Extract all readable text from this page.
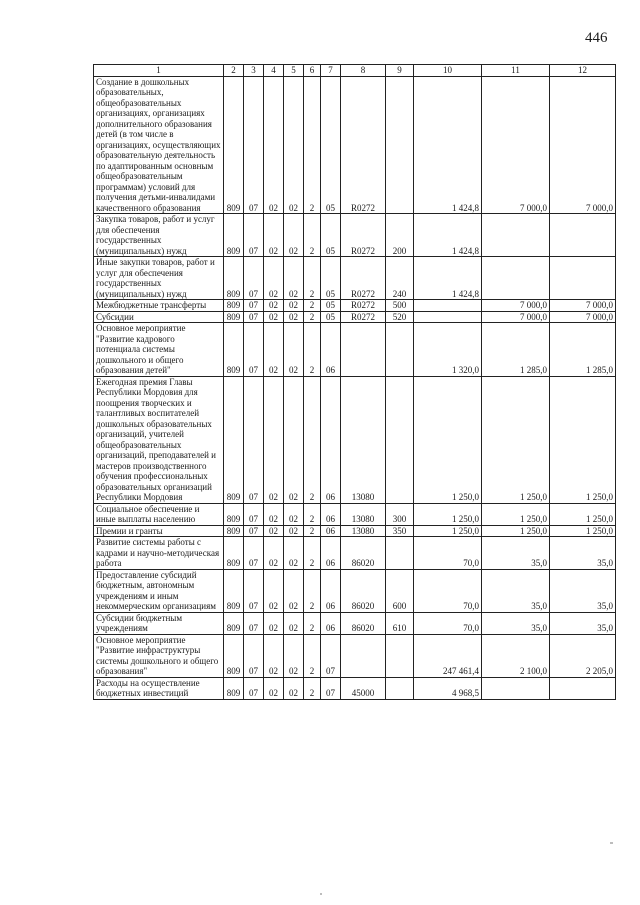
446
1	2	3	4	5	6	7	8	9	10	11	12
Создание в дошкольных образовательных, общеобразовательных организациях, организациях дополнительного образования детей (в том числе в организациях, осуществляющих образовательную деятельность по адаптированным основным общеобразовательным программам) условий для получения детьми-инвалидами качественного образования	809	07	02	02	2	05	R0272		1 424,8	7 000,0	7 000,0
Закупка товаров, работ и услуг для обеспечения государственных (муниципальных) нужд	809	07	02	02	2	05	R0272	200	1 424,8		
Иные закупки товаров, работ и услуг для обеспечения государственных (муниципальных) нужд	809	07	02	02	2	05	R0272	240	1 424,8		
Межбюджетные трансферты	809	07	02	02	2	05	R0272	500		7 000,0	7 000,0
Субсидии	809	07	02	02	2	05	R0272	520		7 000,0	7 000,0
Основное мероприятие "Развитие кадрового потенциала системы дошкольного и общего образования детей"	809	07	02	02	2	06			1 320,0	1 285,0	1 285,0
Ежегодная премия Главы Республики Мордовия для поощрения творческих и талантливых воспитателей дошкольных образовательных организаций, учителей общеобразовательных организаций, преподавателей и мастеров производственного обучения профессиональных образовательных организаций Республики Мордовия	809	07	02	02	2	06	13080		1 250,0	1 250,0	1 250,0
Социальное обеспечение и иные выплаты населению	809	07	02	02	2	06	13080	300	1 250,0	1 250,0	1 250,0
Премии и гранты	809	07	02	02	2	06	13080	350	1 250,0	1 250,0	1 250,0
Развитие системы работы с кадрами и научно-методическая работа	809	07	02	02	2	06	86020		70,0	35,0	35,0
Предоставление субсидий бюджетным, автономным учреждениям и иным некоммерческим организациям	809	07	02	02	2	06	86020	600	70,0	35,0	35,0
Субсидии бюджетным учреждениям	809	07	02	02	2	06	86020	610	70,0	35,0	35,0
Основное мероприятие "Развитие инфраструктуры системы дошкольного и общего образования"	809	07	02	02	2	07			247 461,4	2 100,0	2 205,0
Расходы на осуществление бюджетных инвестиций	809	07	02	02	2	07	45000		4 968,5		
